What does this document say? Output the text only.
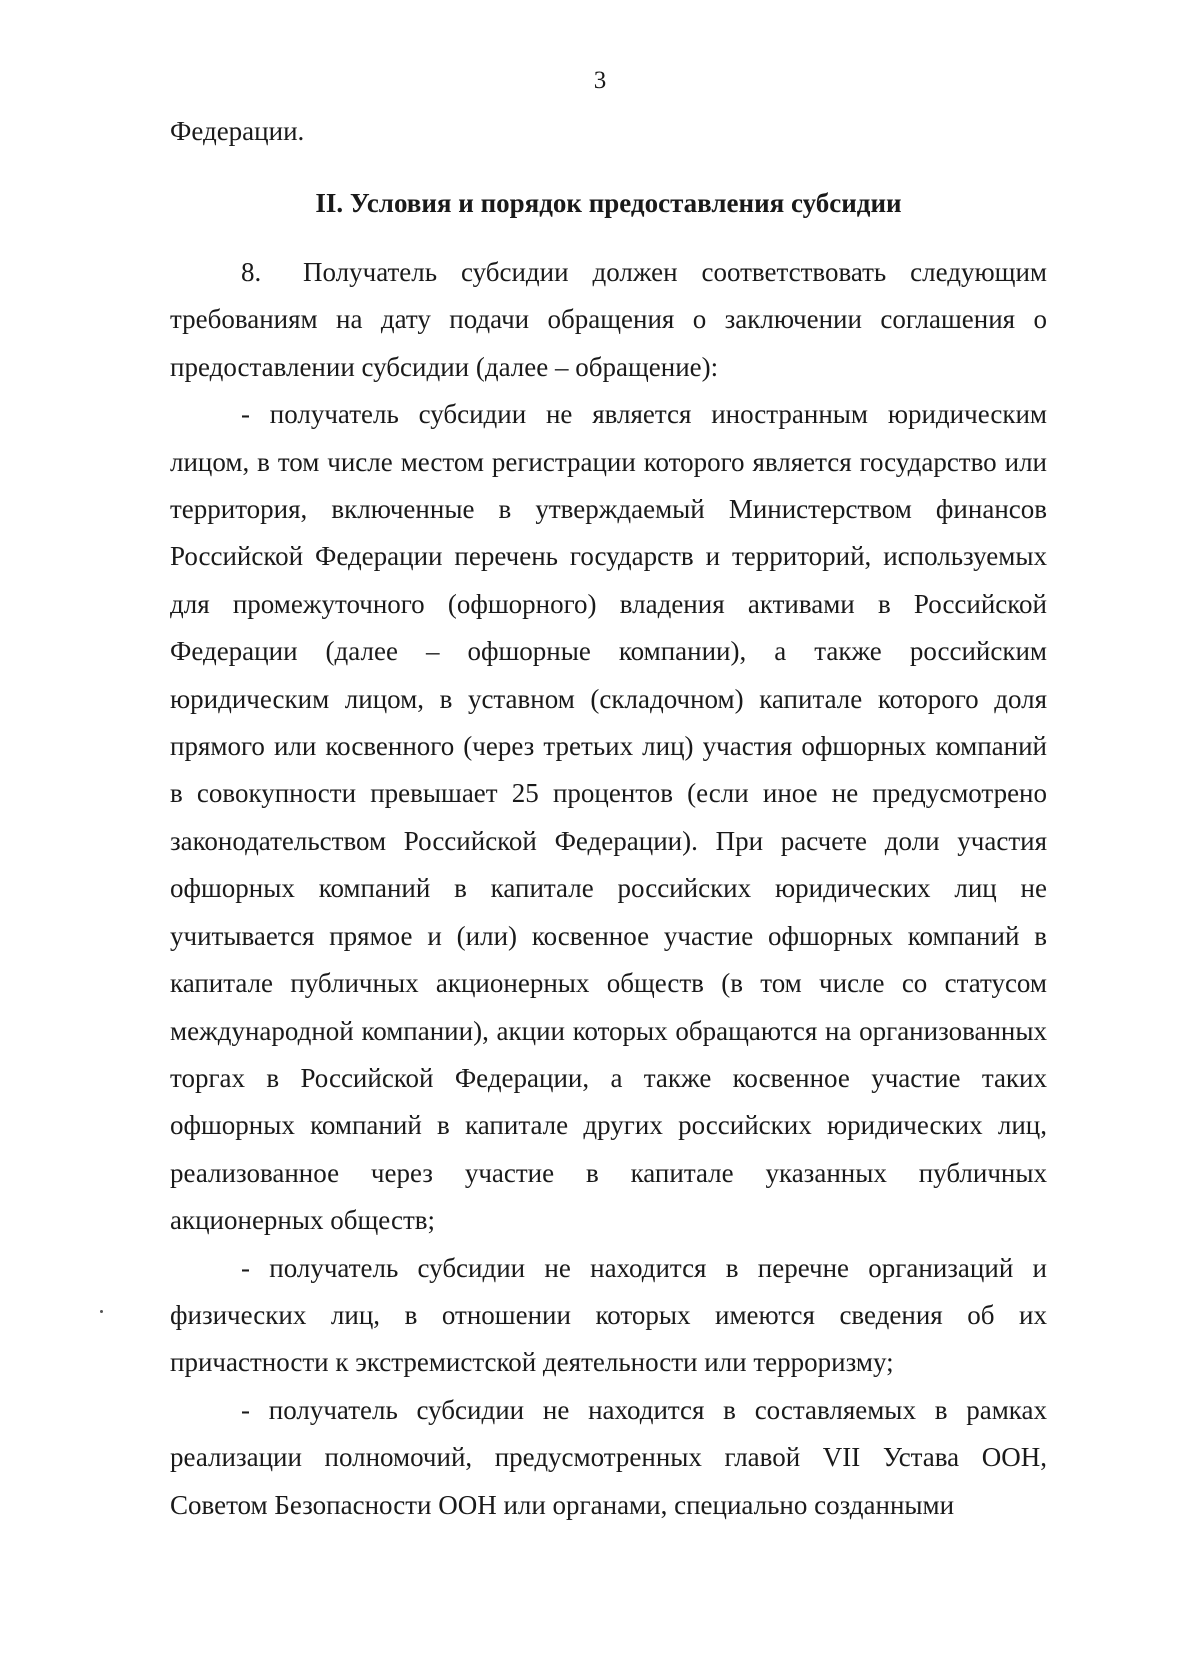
3
Федерации.
II. Условия и порядок предоставления субсидии

8. Получатель субсидии должен соответствовать следующим требованиям на дату подачи обращения о заключении соглашения о предоставлении субсидии (далее – обращение):

- получатель субсидии не является иностранным юридическим лицом, в том числе местом регистрации которого является государство или территория, включенные в утверждаемый Министерством финансов Российской Федерации перечень государств и территорий, используемых для промежуточного (офшорного) владения активами в Российской Федерации (далее – офшорные компании), а также российским юридическим лицом, в уставном (складочном) капитале которого доля прямого или косвенного (через третьих лиц) участия офшорных компаний в совокупности превышает 25 процентов (если иное не предусмотрено законодательством Российской Федерации). При расчете доли участия офшорных компаний в капитале российских юридических лиц не учитывается прямое и (или) косвенное участие офшорных компаний в капитале публичных акционерных обществ (в том числе со статусом международной компании), акции которых обращаются на организованных торгах в Российской Федерации, а также косвенное участие таких офшорных компаний в капитале других российских юридических лиц, реализованное через участие в капитале указанных публичных акционерных обществ;

- получатель субсидии не находится в перечне организаций и физических лиц, в отношении которых имеются сведения об их причастности к экстремистской деятельности или терроризму;

- получатель субсидии не находится в составляемых в рамках реализации полномочий, предусмотренных главой VII Устава ООН, Советом Безопасности ООН или органами, специально созданными
